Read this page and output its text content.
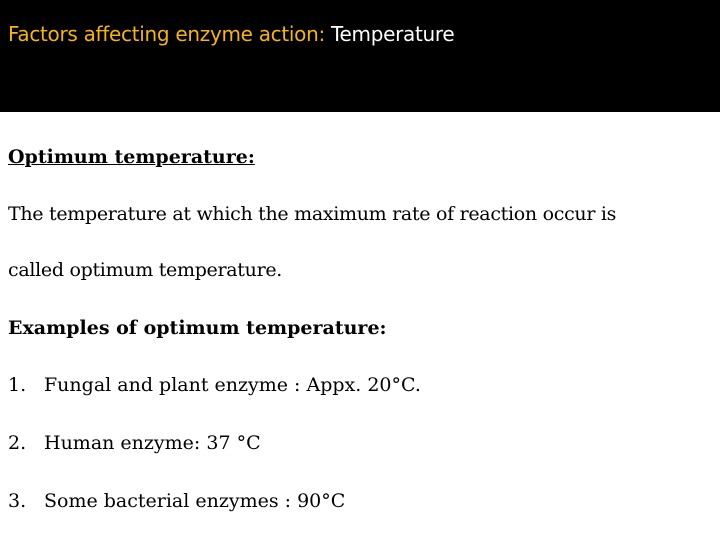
Factors affecting enzyme action: Temperature
Optimum temperature:
The temperature at which the maximum rate of reaction occur is
called optimum temperature.
Examples of optimum temperature:
1. Fungal and plant enzyme : Appx. 20°C.
2. Human enzyme: 37 °C
3. Some bacterial enzymes : 90°C
